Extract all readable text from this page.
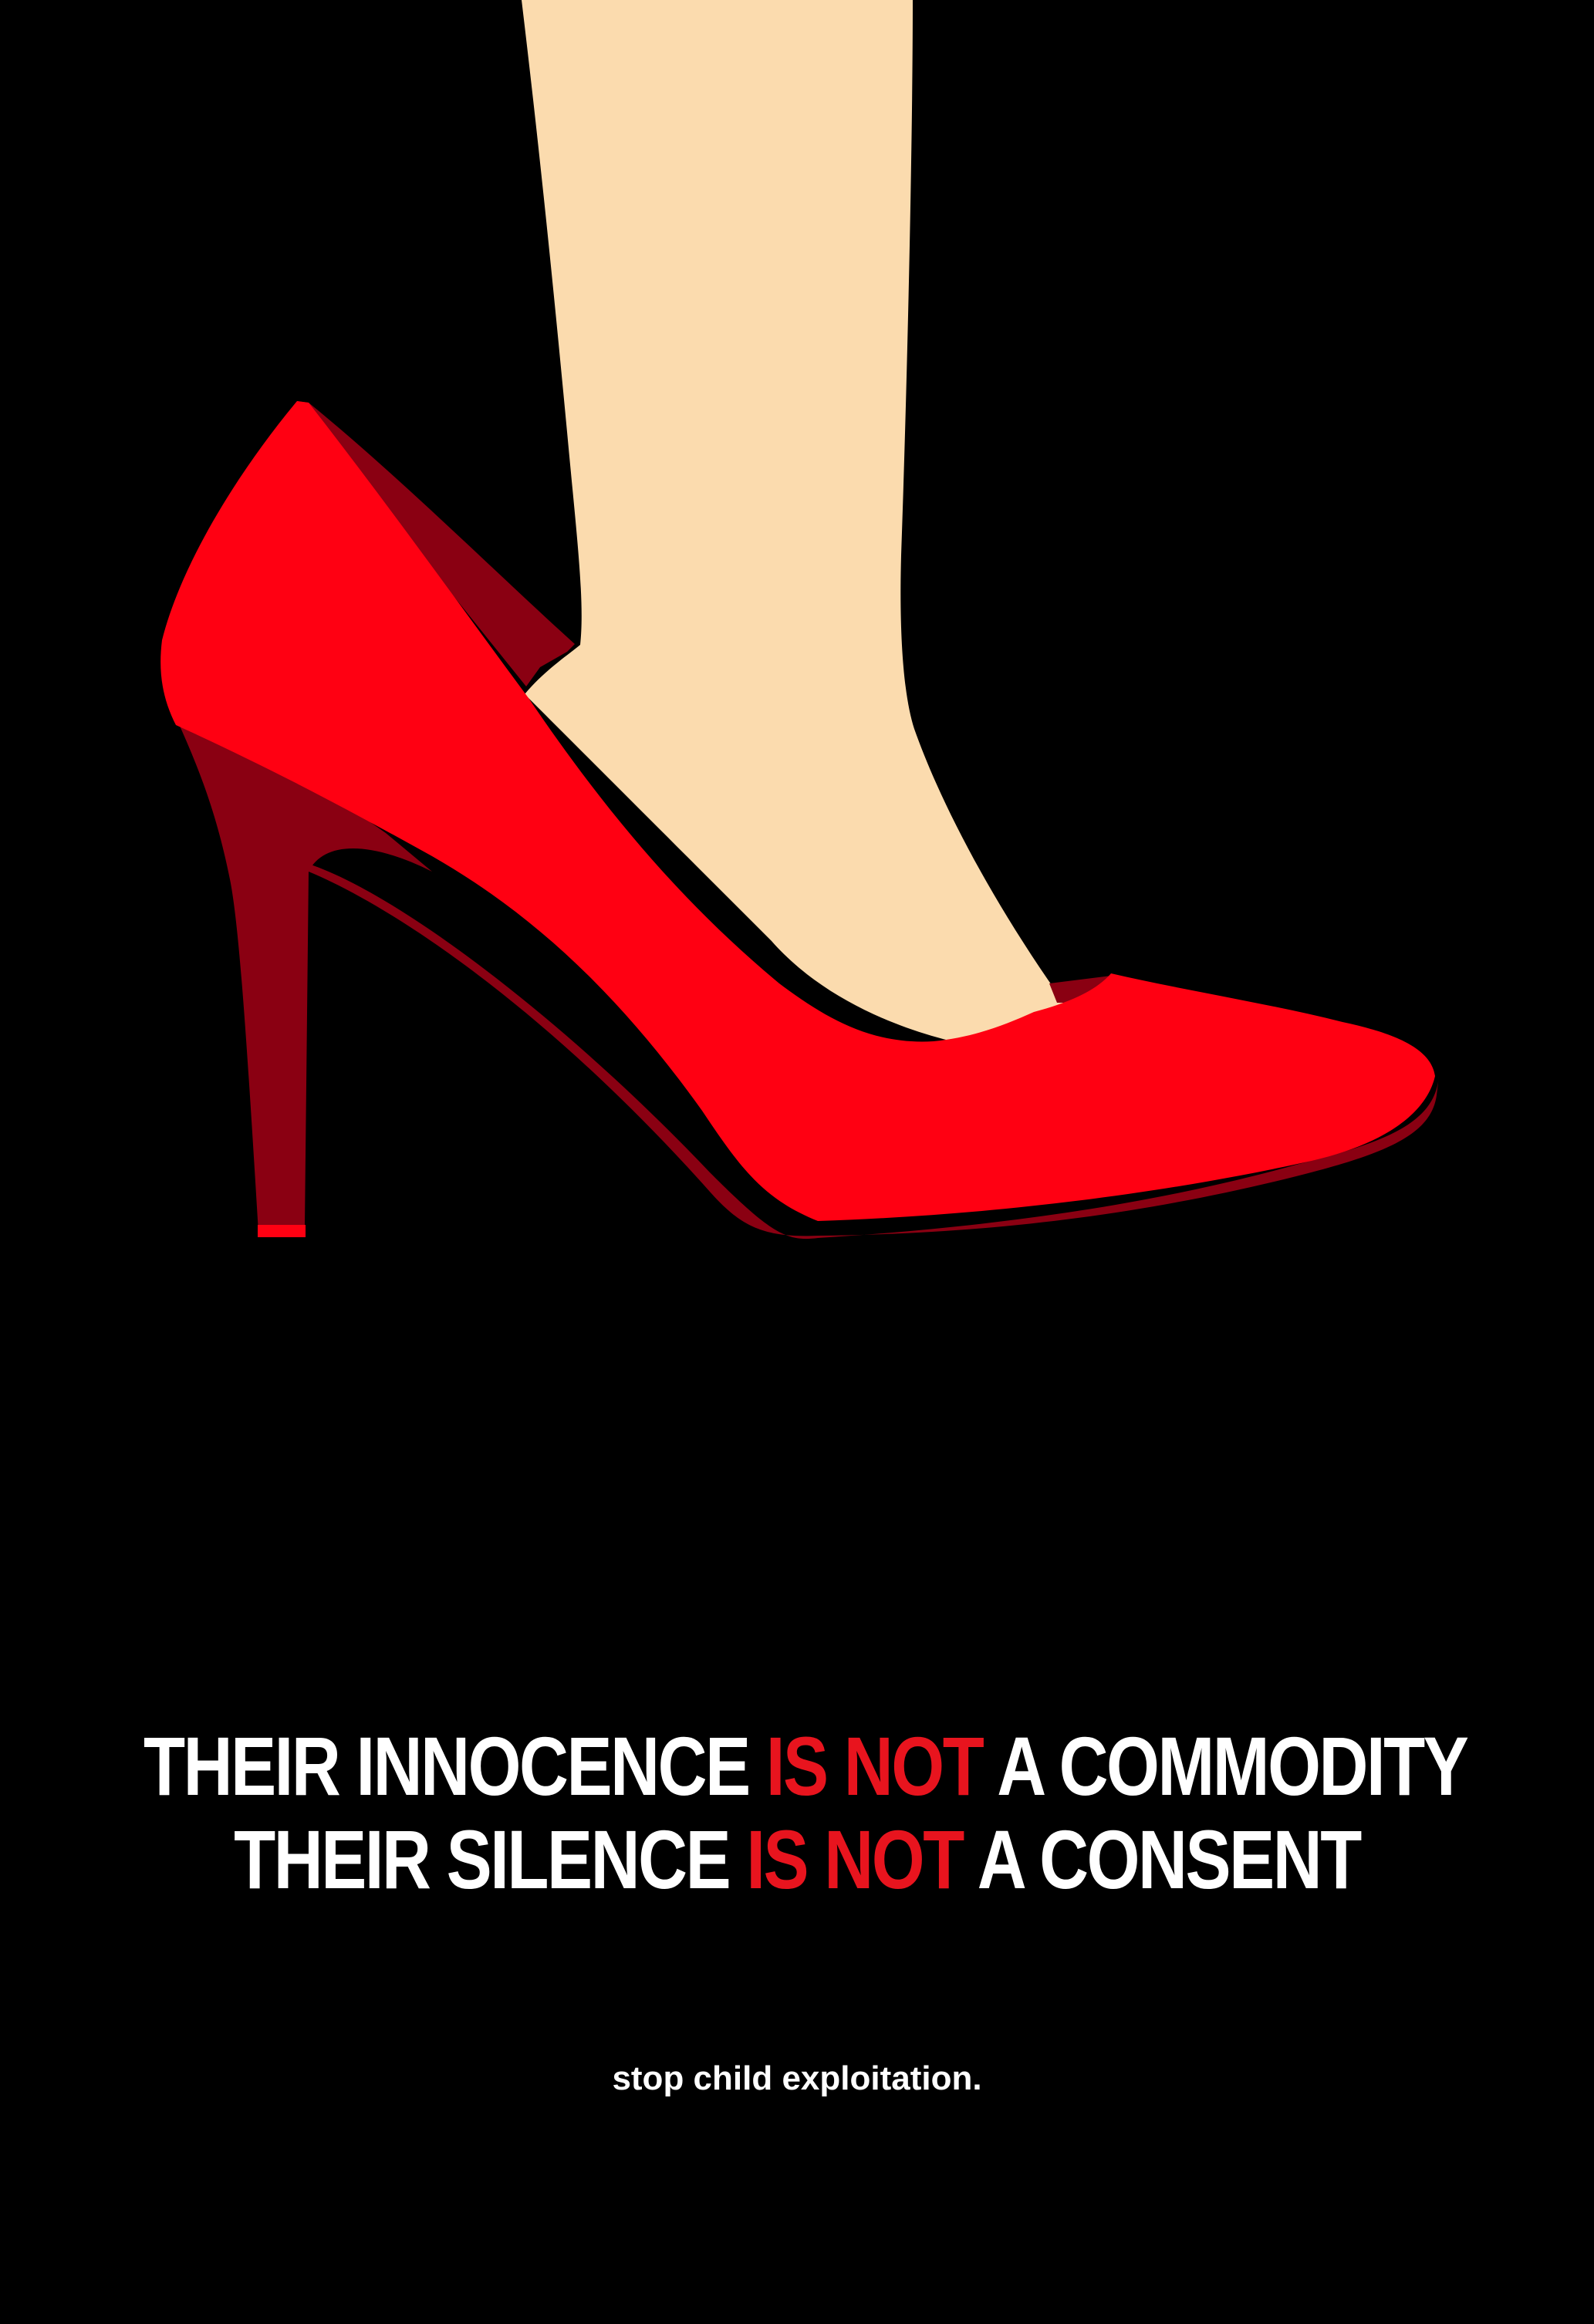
THEIR INNOCENCE IS NOT A COMMODITY
THEIR SILENCE IS NOT A CONSENT
stop child exploitation.
